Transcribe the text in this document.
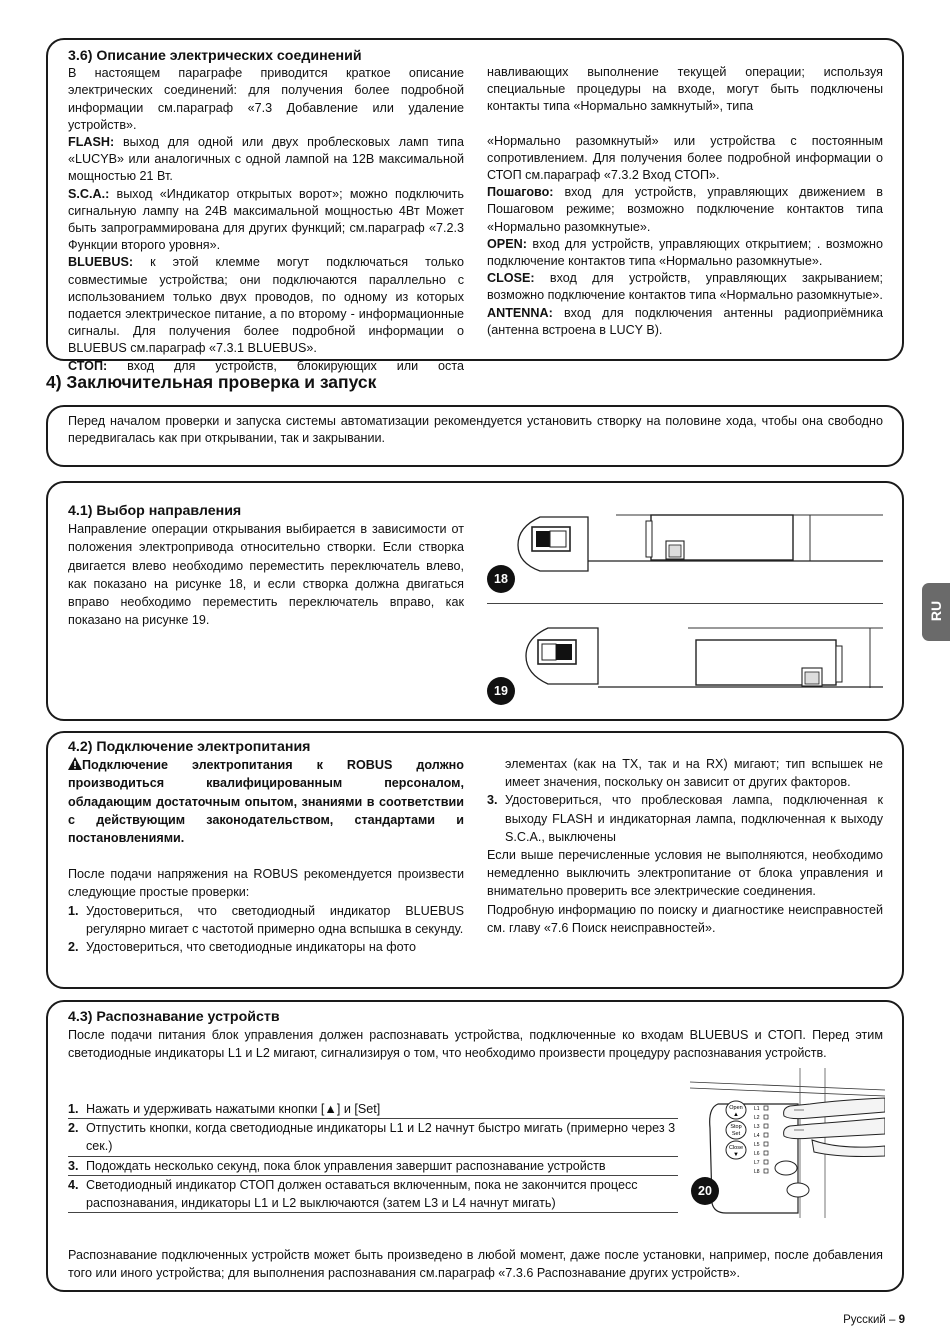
3.6) Описание электрических соединений

В настоящем параграфе приводится краткое описание электрических соединений: для получения более подробной информации см.параграф «7.3 Добавление или удаление устройств».

FLASH: выход для одной или двух проблесковых ламп типа «LUCYB» или аналогичных с одной лампой на 12В максимальной мощностью 21 Вт.

S.C.A.: выход «Индикатор открытых ворот»; можно подключить сигнальную лампу на 24В максимальной мощностью 4Вт Может быть запрограммирована для других функций; см.параграф «7.2.3 Функции второго уровня».

BLUEBUS: к этой клемме могут подключаться только совместимые устройства; они подключаются параллельно с использованием только двух проводов, по одному из которых подается электрическое питание, а по второму - информационные сигналы. Для получения более подробной информации о BLUEBUS см.параграф «7.3.1 BLUEBUS».

СТОП: вход для устройств, блокирующих или оста

навливающих выполнение текущей операции; используя специальные процедуры на входе, могут быть подключены контакты типа «Нормально замкнутый», типа

«Нормально разомкнутый» или устройства с постоянным сопротивлением. Для получения более подробной информации о СТОП см.параграф «7.3.2 Вход СТОП».

Пошагово: вход для устройств, управляющих движением в Пошаговом режиме; возможно подключение контактов типа «Нормально разомкнутые».

OPEN: вход для устройств, управляющих открытием; . возможно подключение контактов типа «Нормально разомкнутые».

CLOSE: вход для устройств, управляющих закрыванием; возможно подключение контактов типа «Нормально разомкнутые».

ANTENNA: вход для подключения антенны радиоприёмника (антенна встроена в LUCY B).

4) Заключительная проверка и запуск
Перед началом проверки и запуска системы автоматизации рекомендуется установить створку на половине хода, чтобы она свободно передвигалась как при открывании, так и закрывании.

4.1) Выбор направления

Направление операции открывания выбирается в зависимости от положения электропривода относительно створки. Если створка двигается влево необходимо переместить переключатель влево, как показано на рисунке 18, и если створка должна двигаться вправо необходимо переместить переключатель вправо, как показано на рисунке 19.

18
19

4.2) Подключение электропитания

Подключение электропитания к ROBUS должно производиться квалифицированным персоналом, обладающим достаточным опытом, знаниями в соответствии с действующим законодательством, стандартами и постановлениями.

После подачи напряжения на ROBUS рекомендуется произвести следующие простые проверки:

1. Удостовериться, что светодиодный индикатор BLUEBUS регулярно мигает с частотой примерно одна вспышка в секунду.
2. Удостовериться, что светодиодные индикаторы на фото

элементах (как на TX, так и на RX) мигают; тип вспышек не имеет значения, поскольку он зависит от других факторов.

3. Удостовериться, что проблесковая лампа, подключенная к выходу FLASH и индикаторная лампа, подключенная к выходу S.C.A., выключены

Если выше перечисленные условия не выполняются, необходимо немедленно выключить электропитание от блока управления и внимательно проверить все электрические соединения.

Подробную информацию по поиску и диагностике неисправностей см. главу «7.6 Поиск неисправностей».

4.3) Распознавание устройств

После подачи питания блок управления должен распознавать устройства, подключенные ко входам BLUEBUS и СТОП. Перед этим светодиодные индикаторы L1 и L2 мигают, сигнализируя о том, что необходимо произвести процедуру распознавания устройств.

1. Нажать и удерживать нажатыми кнопки [▲] и [Set]
2. Отпустить кнопки, когда светодиодные индикаторы L1 и L2 начнут быстро мигать (примерно через 3 сек.)
3. Подождать несколько секунд, пока блок управления завершит распознавание устройств
4. Светодиодный индикатор СТОП должен оставаться включенным, пока не закончится процесс распознавания, индикаторы L1 и L2 выключаются (затем L3 и L4 начнут мигать)
Open
▲
Stop
Set
Close
▼
L1
L2
L3
L4
L5
L6
L7
L8
20
Распознавание подключенных устройств может быть произведено в любой момент, даже после установки, например, после добавления того или иного устройства; для выполнения распознавания см.параграф «7.3.6 Распознавание других устройств».
RU
Русский – 9
